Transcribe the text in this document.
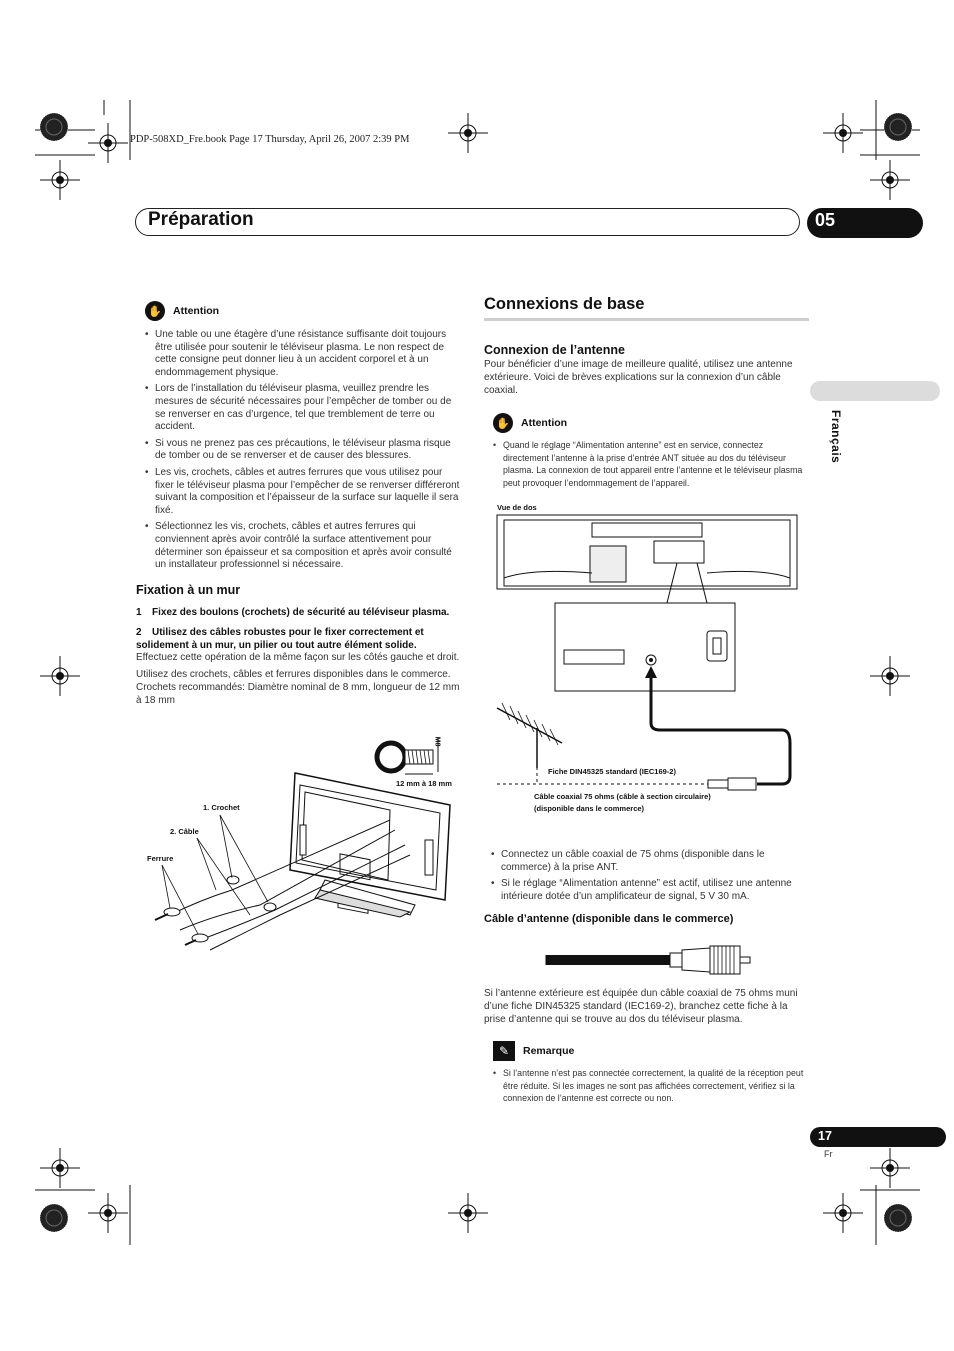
PDP-508XD_Fre.book Page 17 Thursday, April 26, 2007 2:39 PM
Préparation	05
Français
✋	Attention
• Une table ou une étagère d’une résistance suffisante doit toujours être utilisée pour soutenir le téléviseur plasma. Le non respect de cette consigne peut donner lieu à un accident corporel et à un endommagement physique.
• Lors de l’installation du téléviseur plasma, veuillez prendre les mesures de sécurité nécessaires pour l’empêcher de tomber ou de se renverser en cas d’urgence, tel que tremblement de terre ou accident.
• Si vous ne prenez pas ces précautions, le téléviseur plasma risque de tomber ou de se renverser et de causer des blessures.
• Les vis, crochets, câbles et autres ferrures que vous utilisez pour fixer le téléviseur plasma pour l’empêcher de se renverser différeront suivant la composition et l’épaisseur de la surface sur laquelle il sera fixé.
• Sélectionnez les vis, crochets, câbles et autres ferrures qui conviennent après avoir contrôlé la surface attentivement pour déterminer son épaisseur et sa composition et après avoir consulté un installateur professionnel si nécessaire.
Fixation à un mur
1 Fixez des boulons (crochets) de sécurité au téléviseur plasma.
2 Utilisez des câbles robustes pour le fixer correctement et solidement à un mur, un pilier ou tout autre élément solide.
Effectuez cette opération de la même façon sur les côtés gauche et droit.
Utilisez des crochets, câbles et ferrures disponibles dans le commerce. Crochets recommandés: Diamètre nominal de 8 mm, longueur de 12 mm à 18 mm
M8
12 mm à 18 mm
1. Crochet
2. Câble
Ferrure
Connexions de base
Connexion de l’antenne
Pour bénéficier d’une image de meilleure qualité, utilisez une antenne extérieure. Voici de brèves explications sur la connexion d’un câble coaxial.
✋	Attention
• Quand le réglage “Alimentation antenne” est en service, connectez directement l’antenne à la prise d’entrée ANT située au dos du téléviseur plasma. La connexion de tout appareil entre l’antenne et le téléviseur plasma peut provoquer l’endommagement de l’appareil.
Vue de dos
Fiche DIN45325 standard (IEC169-2)
Câble coaxial 75 ohms (câble à section circulaire)
(disponible dans le commerce)
• Connectez un câble coaxial de 75 ohms (disponible dans le commerce) à la prise ANT.
• Si le réglage “Alimentation antenne” est actif, utilisez une antenne intérieure dotée d’un amplificateur de signal, 5 V 30 mA.
Câble d’antenne (disponible dans le commerce)
Si l’antenne extérieure est équipée dun câble coaxial de 75 ohms muni d’une fiche DIN45325 standard (IEC169-2), branchez cette fiche à la prise d’antenne qui se trouve au dos du téléviseur plasma.
✎	Remarque
• Si l’antenne n’est pas connectée correctement, la qualité de la réception peut être réduite. Si les images ne sont pas affichées correctement, vérifiez si la connexion de l’antenne est correcte ou non.
17
Fr
